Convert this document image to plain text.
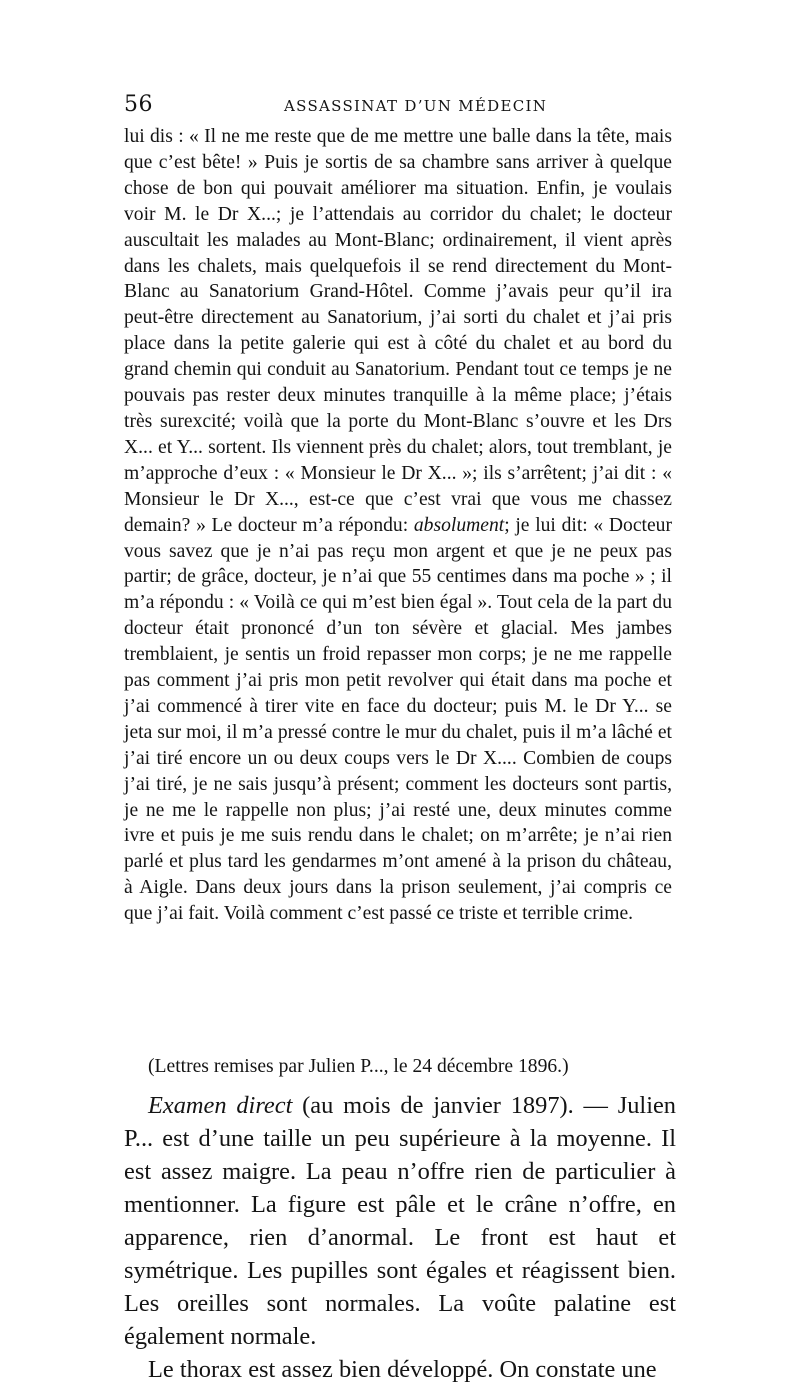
56	ASSASSINAT D’UN MÉDECIN

lui dis : « Il ne me reste que de me mettre une balle dans la tête, mais que c’est bête! » Puis je sortis de sa chambre sans arriver à quelque chose de bon qui pouvait améliorer ma situation. Enfin, je voulais voir M. le Dr X...; je l’attendais au corridor du chalet; le docteur auscultait les malades au Mont-Blanc; ordinairement, il vient après dans les chalets, mais quelquefois il se rend directement du Mont-Blanc au Sanatorium Grand-Hôtel. Comme j’avais peur qu’il ira peut-être directement au Sanatorium, j’ai sorti du chalet et j’ai pris place dans la petite galerie qui est à côté du chalet et au bord du grand chemin qui conduit au Sanatorium. Pendant tout ce temps je ne pouvais pas rester deux minutes tranquille à la même place; j’étais très surexcité; voilà que la porte du Mont-Blanc s’ouvre et les Drs X... et Y... sortent. Ils viennent près du chalet; alors, tout tremblant, je m’approche d’eux : « Monsieur le Dr X... »; ils s’arrêtent; j’ai dit : « Monsieur le Dr X..., est-ce que c’est vrai que vous me chassez demain? » Le docteur m’a répondu: absolument; je lui dit: « Docteur vous savez que je n’ai pas reçu mon argent et que je ne peux pas partir; de grâce, docteur, je n’ai que 55 centimes dans ma poche » ; il m’a répondu : « Voilà ce qui m’est bien égal ». Tout cela de la part du docteur était prononcé d’un ton sévère et glacial. Mes jambes tremblaient, je sentis un froid repasser mon corps; je ne me rappelle pas comment j’ai pris mon petit revolver qui était dans ma poche et j’ai commencé à tirer vite en face du docteur; puis M. le Dr Y... se jeta sur moi, il m’a pressé contre le mur du chalet, puis il m’a lâché et j’ai tiré encore un ou deux coups vers le Dr X.... Combien de coups j’ai tiré, je ne sais jusqu’à présent; comment les docteurs sont partis, je ne me le rappelle non plus; j’ai resté une, deux minutes comme ivre et puis je me suis rendu dans le chalet; on m’arrête; je n’ai rien parlé et plus tard les gendarmes m’ont amené à la prison du château, à Aigle. Dans deux jours dans la prison seulement, j’ai compris ce que j’ai fait. Voilà comment c’est passé ce triste et terrible crime.

(Lettres remises par Julien P..., le 24 décembre 1896.)

Examen direct (au mois de janvier 1897). — Julien P... est d’une taille un peu supérieure à la moyenne. Il est assez maigre. La peau n’offre rien de particulier à mentionner. La figure est pâle et le crâne n’offre, en apparence, rien d’anormal. Le front est haut et symétrique. Les pupilles sont égales et réagissent bien. Les oreilles sont normales. La voûte palatine est également normale.

Le thorax est assez bien développé. On constate une
